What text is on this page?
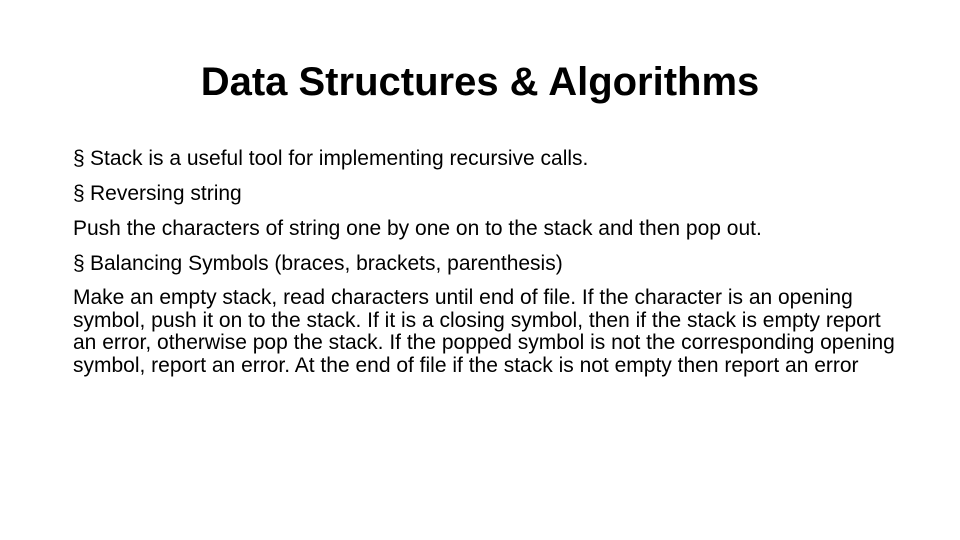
Data Structures & Algorithms
§ Stack is a useful tool for implementing recursive calls.
§ Reversing string
Push the characters of string one by one on to the stack and then pop out.
§ Balancing Symbols (braces, brackets, parenthesis)
Make an empty stack, read characters until end of file. If the character is an opening symbol, push it on to the stack. If it is a closing symbol, then if the stack is empty report an error, otherwise pop the stack. If the popped symbol is not the corresponding opening symbol, report an error. At the end of file if the stack is not empty then report an error
